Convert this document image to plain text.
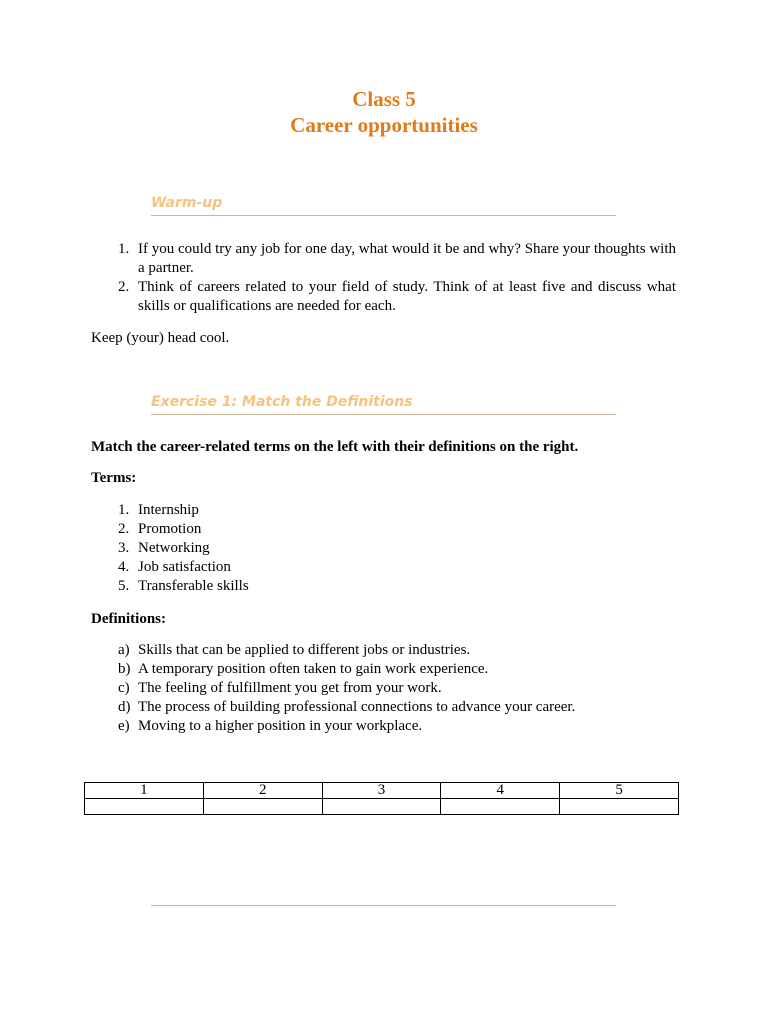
Class 5
Career opportunities
Warm-up
1. If you could try any job for one day, what would it be and why? Share your thoughts with a partner.
2. Think of careers related to your field of study. Think of at least five and discuss what skills or qualifications are needed for each.
Keep (your) head cool.
Exercise 1: Match the Definitions
Match the career-related terms on the left with their definitions on the right.
Terms:
1. Internship
2. Promotion
3. Networking
4. Job satisfaction
5. Transferable skills
Definitions:
a) Skills that can be applied to different jobs or industries.
b) A temporary position often taken to gain work experience.
c) The feeling of fulfillment you get from your work.
d) The process of building professional connections to advance your career.
e) Moving to a higher position in your workplace.
1	2	3	4	5
